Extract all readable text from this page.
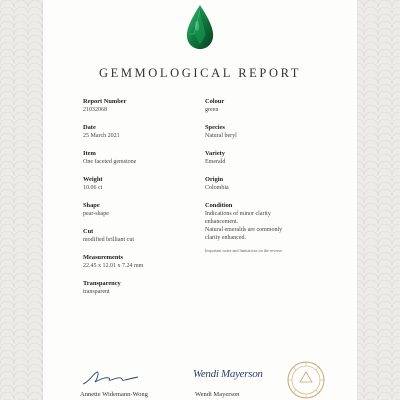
GEMMOLOGICAL REPORT
Report Number
21032068
Date
25 March 2021
Item
One faceted gemstone
Weight
10.06 ct
Shape
pear-shape
Cut
modified brilliant cut
Measurements
22.45 x 12.01 x 7.24 mm
Transparency
transparent
Colour
green
Species
Natural beryl
Variety
Emerald
Origin
Colombia
Condition
Indications of minor clarity
enhancement.
Natural emeralds are commonly
clarity enhanced.
Important notes and limitations on the reverse.
Annette Widemann-Wong
Wendi Mayerson
Wendi Mayerson
